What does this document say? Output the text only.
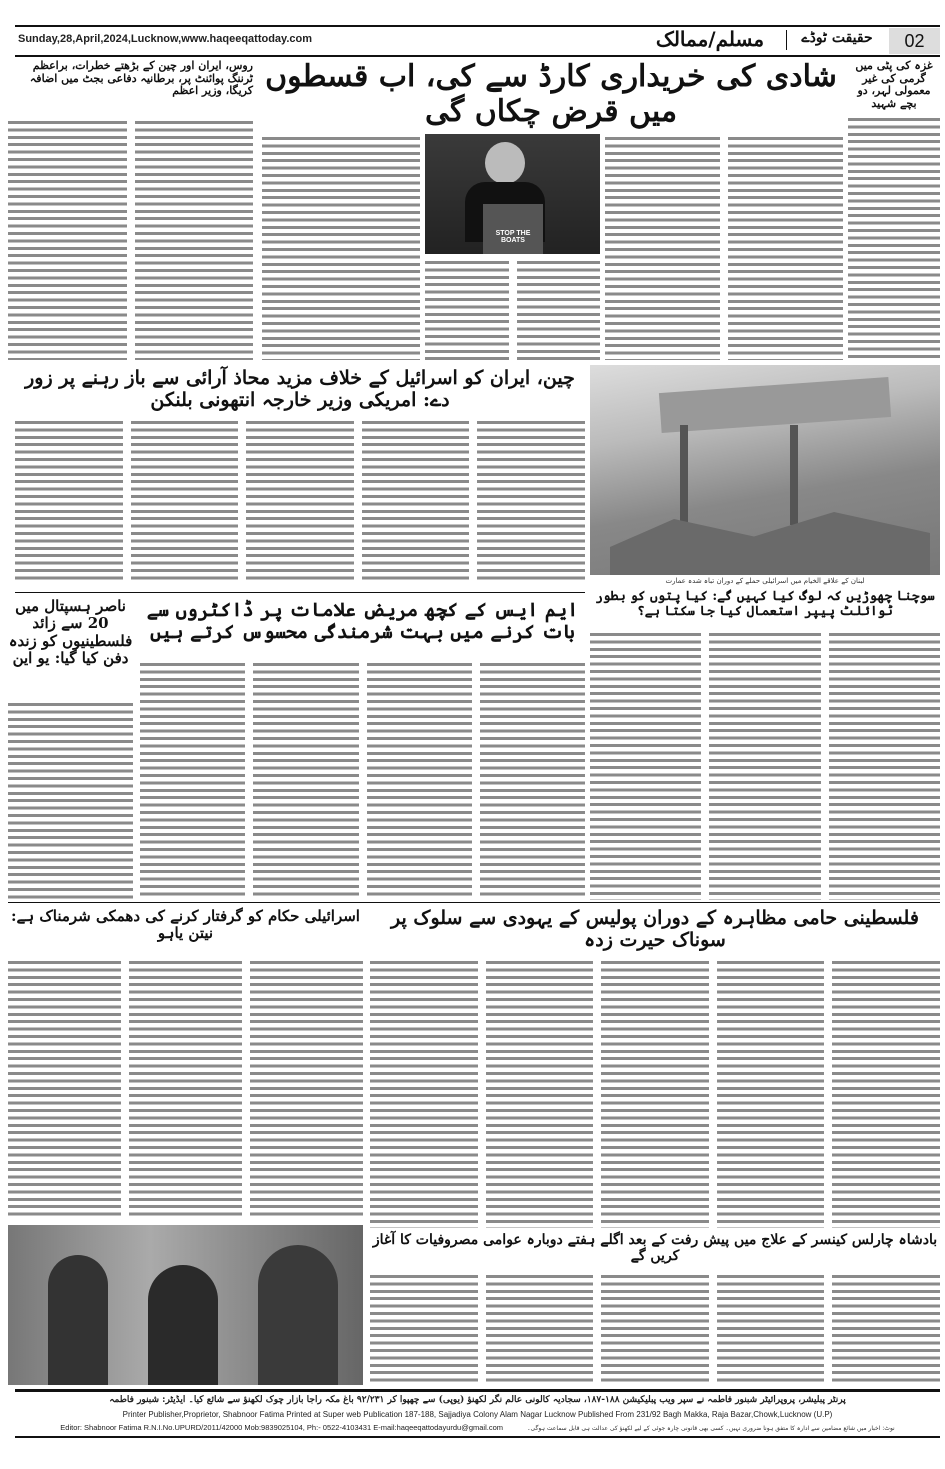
Sunday,28,April,2024,Lucknow,www.haqeeqattoday.com	مسلم/ممالک	حقیقت ٹوڈے	02
غزہ کی پٹی میں گرمی کی غیر معمولی لہر، دو بچے شہید
شادی کی خریداری کارڈ سے کی، اب قسطوں میں قرض چکاں گی
STOP THE BOATS
روس، ایران اور چین کے بڑھتے خطرات، براعظم ٹرننگ پوائنٹ پر، برطانیہ دفاعی بجٹ میں اضافہ کریگا، وزیر اعظم
چین، ایران کو اسرائیل کے خلاف مزید محاذ آرائی سے باز رہنے پر زور دے: امریکی وزیر خارجہ انتھونی بلنکن
لبنان کے علاقے الخیام میں اسرائیلی حملے کے دوران تباہ شدہ عمارت
سوچنا چھوڑیں کہ لوگ کیا کہیں گے: کیا پتوں کو بطور ٹوائلٹ پیپر استعمال کیا جا سکتا ہے؟
ایم ایس کے کچھ مریض علامات پر ڈاکٹروں سے بات کرنے میں بہت شرمندگی محسوس کرتے ہیں
ناصر ہسپتال میں 20 سے زائد فلسطینیوں کو زندہ دفن کیا گیا: یو این
فلسطینی حامی مظاہرہ کے دوران پولیس کے یہودی سے سلوک پر سوناک حیرت زدہ
اسرائیلی حکام کو گرفتار کرنے کی دھمکی شرمناک ہے: نیتن یاہو
بادشاہ چارلس کینسر کے علاج میں پیش رفت کے بعد اگلے ہفتے دوبارہ عوامی مصروفیات کا آغاز کریں گے
پرنٹر پبلیشر، پروپرائیٹر شبنور فاطمہ نے سپر ویب پبلیکیشن ۱۸۸-۱۸۷، سجادیہ کالونی عالم نگر لکھنؤ (یوپی) سے چھپوا کر ۹۲/۲۳۱ باغ مکہ راجا بازار چوک لکھنؤ سے شائع کیا۔ ایڈیٹر: شبنور فاطمہ
Printer Publisher,Proprietor, Shabnoor Fatima Printed at Super web Publication 187-188, Sajjadiya Colony Alam Nagar Lucknow Published From 231/92 Bagh Makka, Raja Bazar,Chowk,Lucknow (U.P)
Editor: Shabnoor Fatima R.N.I.No.UPURD/2011/42000 Mob:9839025104, Ph:- 0522-4103431 E-mail:haqeeqattodayurdu@gmail.com	نوٹ: اخبار میں شائع مضامین سے ادارہ کا متفق ہونا ضروری نہیں۔ کسی بھی قانونی چارہ جوئی کے لیے لکھنؤ کی عدالت ہی قابل سماعت ہوگی۔
